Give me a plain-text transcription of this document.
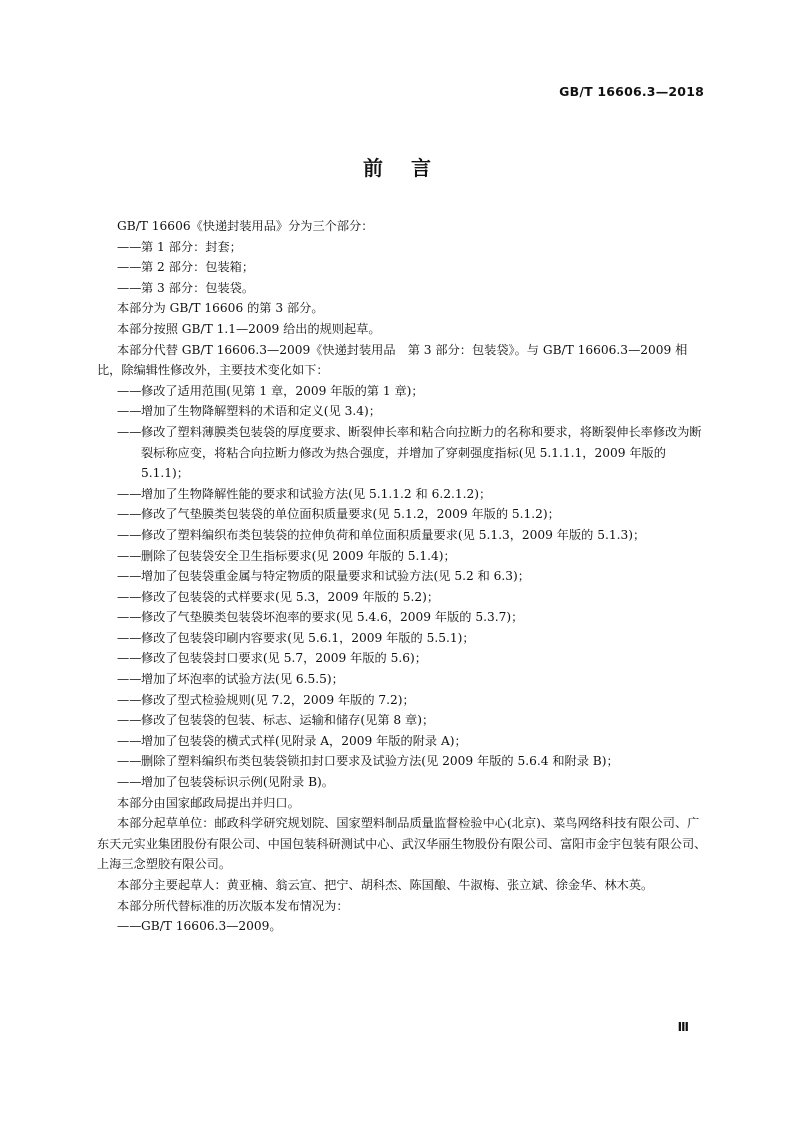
GB/T 16606.3—2018
前 言

GB/T 16606《快递封装用品》分为三个部分：

——第 1 部分：封套；

——第 2 部分：包装箱；

——第 3 部分：包装袋。

本部分为 GB/T 16606 的第 3 部分。

本部分按照 GB/T 1.1—2009 给出的规则起草。

本部分代替 GB/T 16606.3—2009《快递封装用品　第 3 部分：包装袋》。与 GB/T 16606.3—2009 相比，除编辑性修改外，主要技术变化如下：

——修改了适用范围(见第 1 章，2009 年版的第 1 章)；

——增加了生物降解塑料的术语和定义(见 3.4)；

——修改了塑料薄膜类包装袋的厚度要求、断裂伸长率和粘合向拉断力的名称和要求，将断裂伸长率修改为断裂标称应变，将粘合向拉断力修改为热合强度，并增加了穿刺强度指标(见 5.1.1.1，2009 年版的 5.1.1)；

——增加了生物降解性能的要求和试验方法(见 5.1.1.2 和 6.2.1.2)；

——修改了气垫膜类包装袋的单位面积质量要求(见 5.1.2，2009 年版的 5.1.2)；

——修改了塑料编织布类包装袋的拉伸负荷和单位面积质量要求(见 5.1.3，2009 年版的 5.1.3)；

——删除了包装袋安全卫生指标要求(见 2009 年版的 5.1.4)；

——增加了包装袋重金属与特定物质的限量要求和试验方法(见 5.2 和 6.3)；

——修改了包装袋的式样要求(见 5.3，2009 年版的 5.2)；

——修改了气垫膜类包装袋坏泡率的要求(见 5.4.6，2009 年版的 5.3.7)；

——修改了包装袋印刷内容要求(见 5.6.1，2009 年版的 5.5.1)；

——修改了包装袋封口要求(见 5.7，2009 年版的 5.6)；

——增加了坏泡率的试验方法(见 6.5.5)；

——修改了型式检验规则(见 7.2，2009 年版的 7.2)；

——修改了包装袋的包装、标志、运输和储存(见第 8 章)；

——增加了包装袋的横式式样(见附录 A，2009 年版的附录 A)；

——删除了塑料编织布类包装袋锁扣封口要求及试验方法(见 2009 年版的 5.6.4 和附录 B)；

——增加了包装袋标识示例(见附录 B)。

本部分由国家邮政局提出并归口。

本部分起草单位：邮政科学研究规划院、国家塑料制品质量监督检验中心(北京)、菜鸟网络科技有限公司、广东天元实业集团股份有限公司、中国包装科研测试中心、武汉华丽生物股份有限公司、富阳市金宇包装有限公司、上海三念塑胶有限公司。

本部分主要起草人：黄亚楠、翁云宣、把宁、胡科杰、陈国酿、牛淑梅、张立斌、徐金华、林木英。

本部分所代替标准的历次版本发布情况为：

——GB/T 16606.3—2009。

Ⅲ
